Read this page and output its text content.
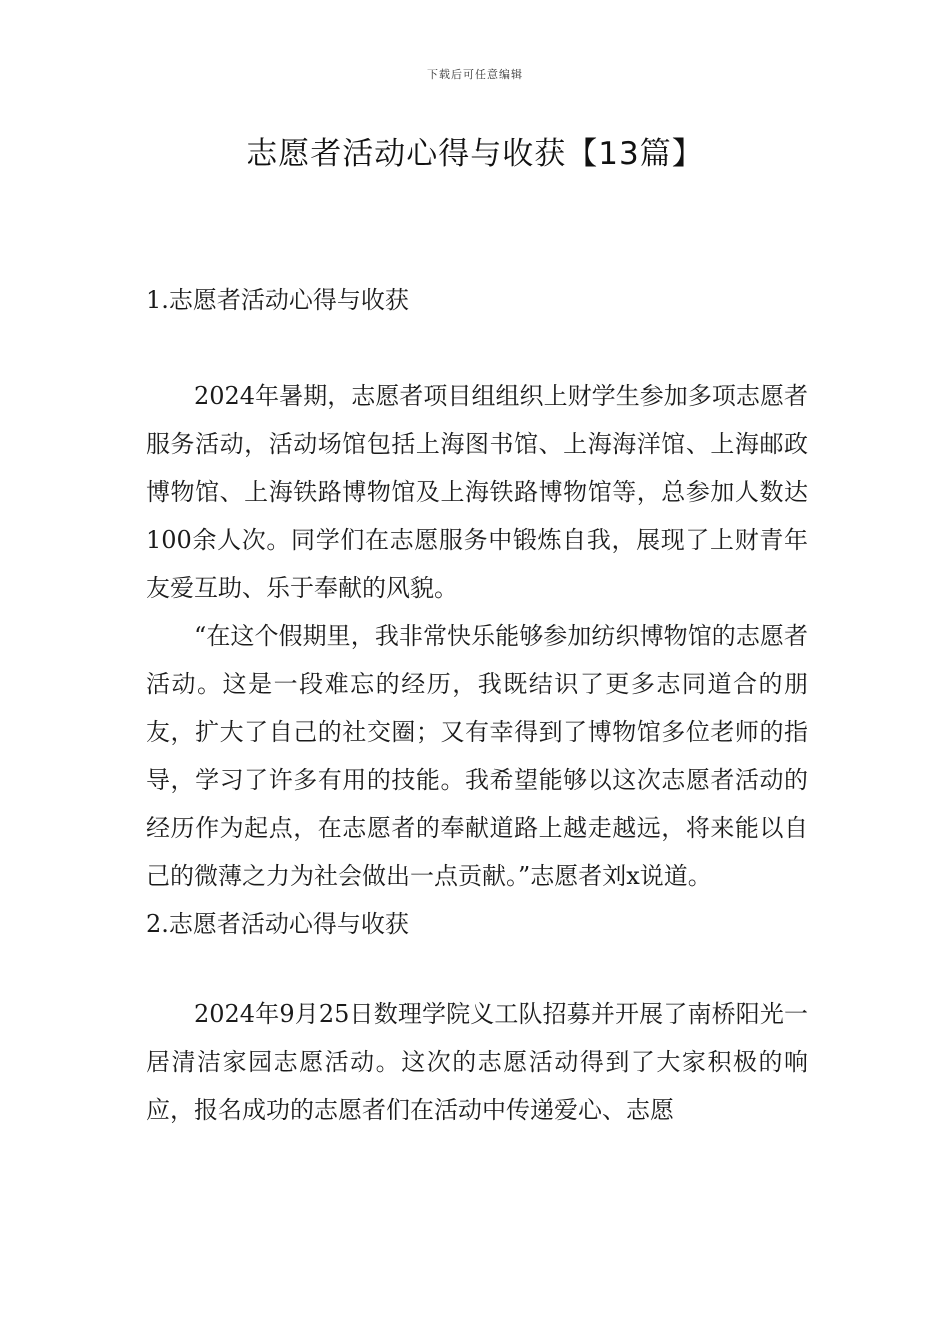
下载后可任意编辑
志愿者活动心得与收获【13篇】
1.志愿者活动心得与收获

2024年暑期，志愿者项目组组织上财学生参加多项志愿者服务活动，活动场馆包括上海图书馆、上海海洋馆、上海邮政博物馆、上海铁路博物馆及上海铁路博物馆等，总参加人数达100余人次。同学们在志愿服务中锻炼自我，展现了上财青年友爱互助、乐于奉献的风貌。

“在这个假期里，我非常快乐能够参加纺织博物馆的志愿者活动。这是一段难忘的经历，我既结识了更多志同道合的朋友，扩大了自己的社交圈；又有幸得到了博物馆多位老师的指导，学习了许多有用的技能。我希望能够以这次志愿者活动的经历作为起点，在志愿者的奉献道路上越走越远，将来能以自己的微薄之力为社会做出一点贡献。”志愿者刘x说道。

2.志愿者活动心得与收获

2024年9月25日数理学院义工队招募并开展了南桥阳光一居清洁家园志愿活动。这次的志愿活动得到了大家积极的响应，报名成功的志愿者们在活动中传递爱心、志愿
